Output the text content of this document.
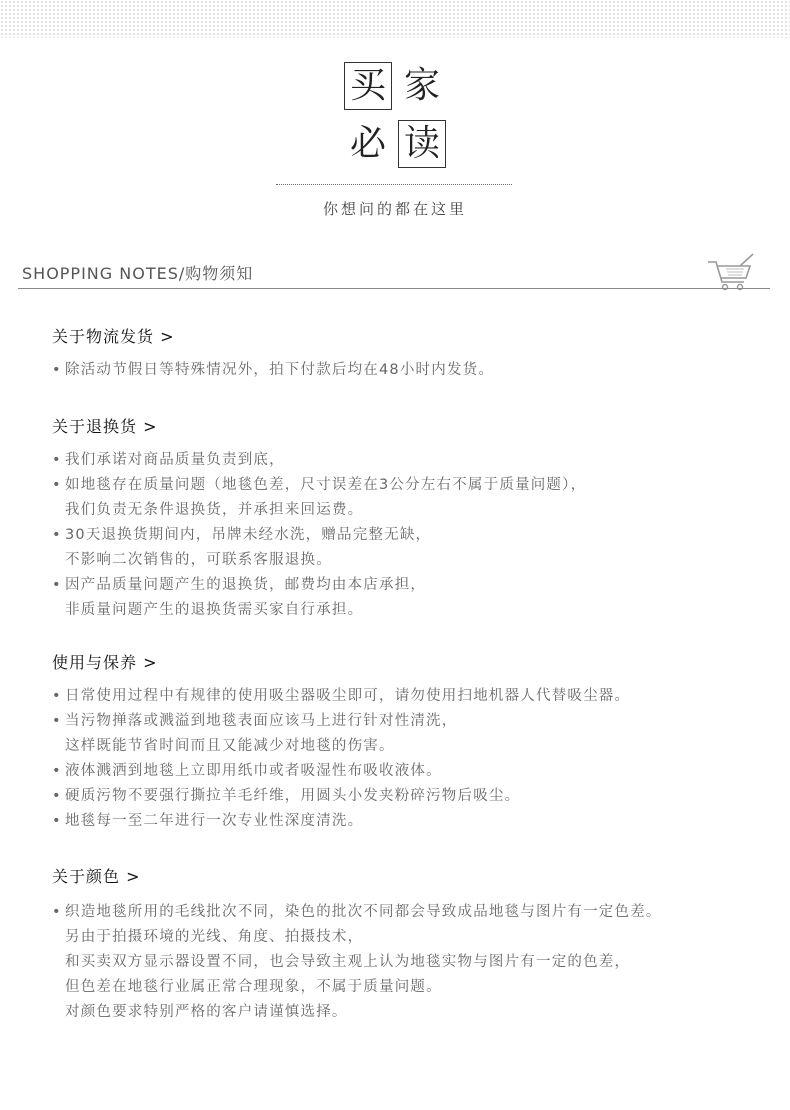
买 家
必 读
你想问的都在这里
SHOPPING NOTES/购物须知
关于物流发货 >
• 除活动节假日等特殊情况外，拍下付款后均在48小时内发货。
关于退换货 >
• 我们承诺对商品质量负责到底，
• 如地毯存在质量问题（地毯色差，尺寸误差在3公分左右不属于质量问题），
我们负责无条件退换货，并承担来回运费。
• 30天退换货期间内，吊牌未经水洗，赠品完整无缺，
不影响二次销售的，可联系客服退换。
• 因产品质量问题产生的退换货，邮费均由本店承担，
非质量问题产生的退换货需买家自行承担。
使用与保养 >
• 日常使用过程中有规律的使用吸尘器吸尘即可，请勿使用扫地机器人代替吸尘器。
• 当污物掸落或溅溢到地毯表面应该马上进行针对性清洗，
这样既能节省时间而且又能减少对地毯的伤害。
• 液体溅洒到地毯上立即用纸巾或者吸湿性布吸收液体。
• 硬质污物不要强行撕拉羊毛纤维，用圆头小发夹粉碎污物后吸尘。
• 地毯每一至二年进行一次专业性深度清洗。
关于颜色 >
• 织造地毯所用的毛线批次不同，染色的批次不同都会导致成品地毯与图片有一定色差。
另由于拍摄环境的光线、角度、拍摄技术，
和买卖双方显示器设置不同，也会导致主观上认为地毯实物与图片有一定的色差，
但色差在地毯行业属正常合理现象，不属于质量问题。
对颜色要求特别严格的客户请谨慎选择。
